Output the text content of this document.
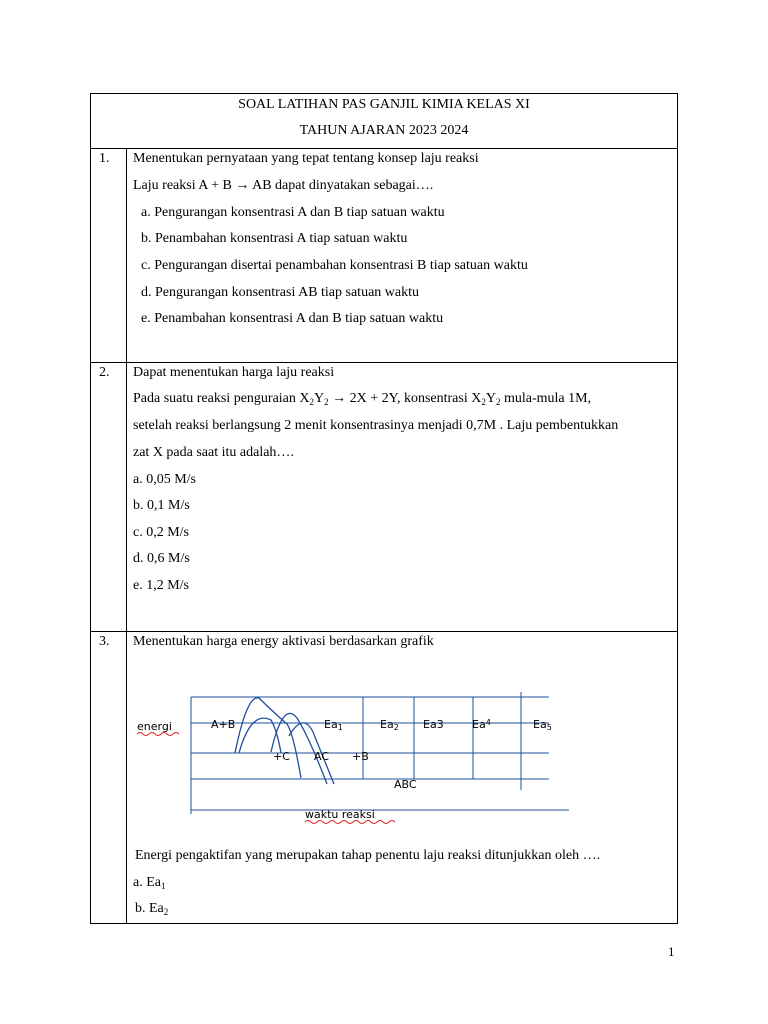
SOAL LATIHAN PAS GANJIL KIMIA KELAS XI
TAHUN AJARAN 2023 2024
1. Menentukan pernyataan yang tepat tentang konsep laju reaksi
Laju reaksi A + B → AB dapat dinyatakan sebagai….
a. Pengurangan konsentrasi A dan B tiap satuan waktu
b. Penambahan konsentrasi A tiap satuan waktu
c. Pengurangan disertai penambahan konsentrasi B tiap satuan waktu
d. Pengurangan konsentrasi AB tiap satuan waktu
e. Penambahan konsentrasi A dan B tiap satuan waktu
2. Dapat menentukan harga laju reaksi
Pada suatu reaksi penguraian $X_2Y_2 \to 2X + 2Y$, konsentrasi $X_2Y_2$ mula-mula 1M,
setelah reaksi berlangsung 2 menit konsentrasinya menjadi 0,7M . Laju pembentukkan
zat X pada saat itu adalah….
a. 0,05 M/s
b. 0,1 M/s
c. 0,2 M/s
d. 0,6 M/s
e. 1,2 M/s
3. Menentukan harga energy aktivasi berdasarkan grafik
energi	A+B	Ea1	Ea2 Ea3	Ea$^4$	Ea5
+C AC +B
ABC
waktu reaksi
Energi pengaktifan yang merupakan tahap penentu laju reaksi ditunjukkan oleh ….
a. $Ea_1$
b. $Ea_2$
1
